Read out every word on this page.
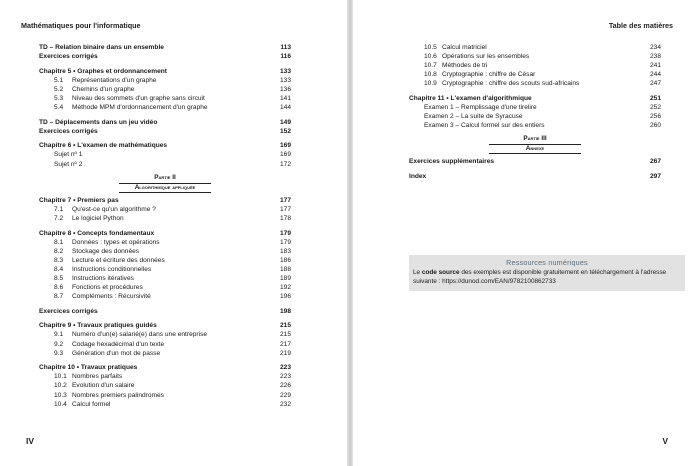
Mathématiques pour l'informatique
TD – Relation binaire dans un ensemble	113
Exercices corrigés	116
Chapitre 5 • Graphes et ordonnancement	133
5.1 Représentations d'un graphe	133
5.2 Chemins d'un graphe	136
5.3 Niveau des sommets d'un graphe sans circuit	141
5.4 Méthode MPM d'ordonnancement d'un graphe	144
TD – Déplacements dans un jeu vidéo	149
Exercices corrigés	152
Chapitre 6 • L'examen de mathématiques	169
Sujet nº 1	169
Sujet nº 2	172
Partie II
Algorithmique appliquée
Chapitre 7 • Premiers pas	177
7.1 Qu'est-ce qu'un algorithme ?	177
7.2 Le logiciel Python	178
Chapitre 8 • Concepts fondamentaux	179
8.1 Données : types et opérations	179
8.2 Stockage des données	183
8.3 Lecture et écriture des données	186
8.4 Instructions conditionnelles	188
8.5 Instructions itératives	189
8.6 Fonctions et procédures	192
8.7 Compléments : Récursivité	196
Exercices corrigés	198
Chapitre 9 • Travaux pratiques guidés	215
9.1 Numéro d'un(e) salarié(e) dans une entreprise	215
9.2 Codage hexadécimal d'un texte	217
9.3 Génération d'un mot de passe	219
Chapitre 10 • Travaux pratiques	223
10.1 Nombres parfaits	223
10.2 Evolution d'un salaire	226
10.3 Nombres premiers palindromes	229
10.4 Calcul formel	232
IV
Table des matières
10.5 Calcul matriciel	234
10.6 Opérations sur les ensembles	238
10.7 Méthodes de tri	241
10.8 Cryptographie : chiffre de César	244
10.9 Cryptographie : chiffre des scouts sud-africains	247
Chapitre 11 • L'examen d'algorithmique	251
Examen 1 – Remplissage d'une tirelire	252
Examen 2 – La suite de Syracuse	256
Examen 3 – Calcul formel sur des entiers	260
Partie III
Annexe
Exercices supplémentaires	267
Index	297
Ressources numériques
Le code source des exemples est disponible gratuitement en téléchargement à l'adresse suivante : https://dunod.com/EAN/9782100862733
V
